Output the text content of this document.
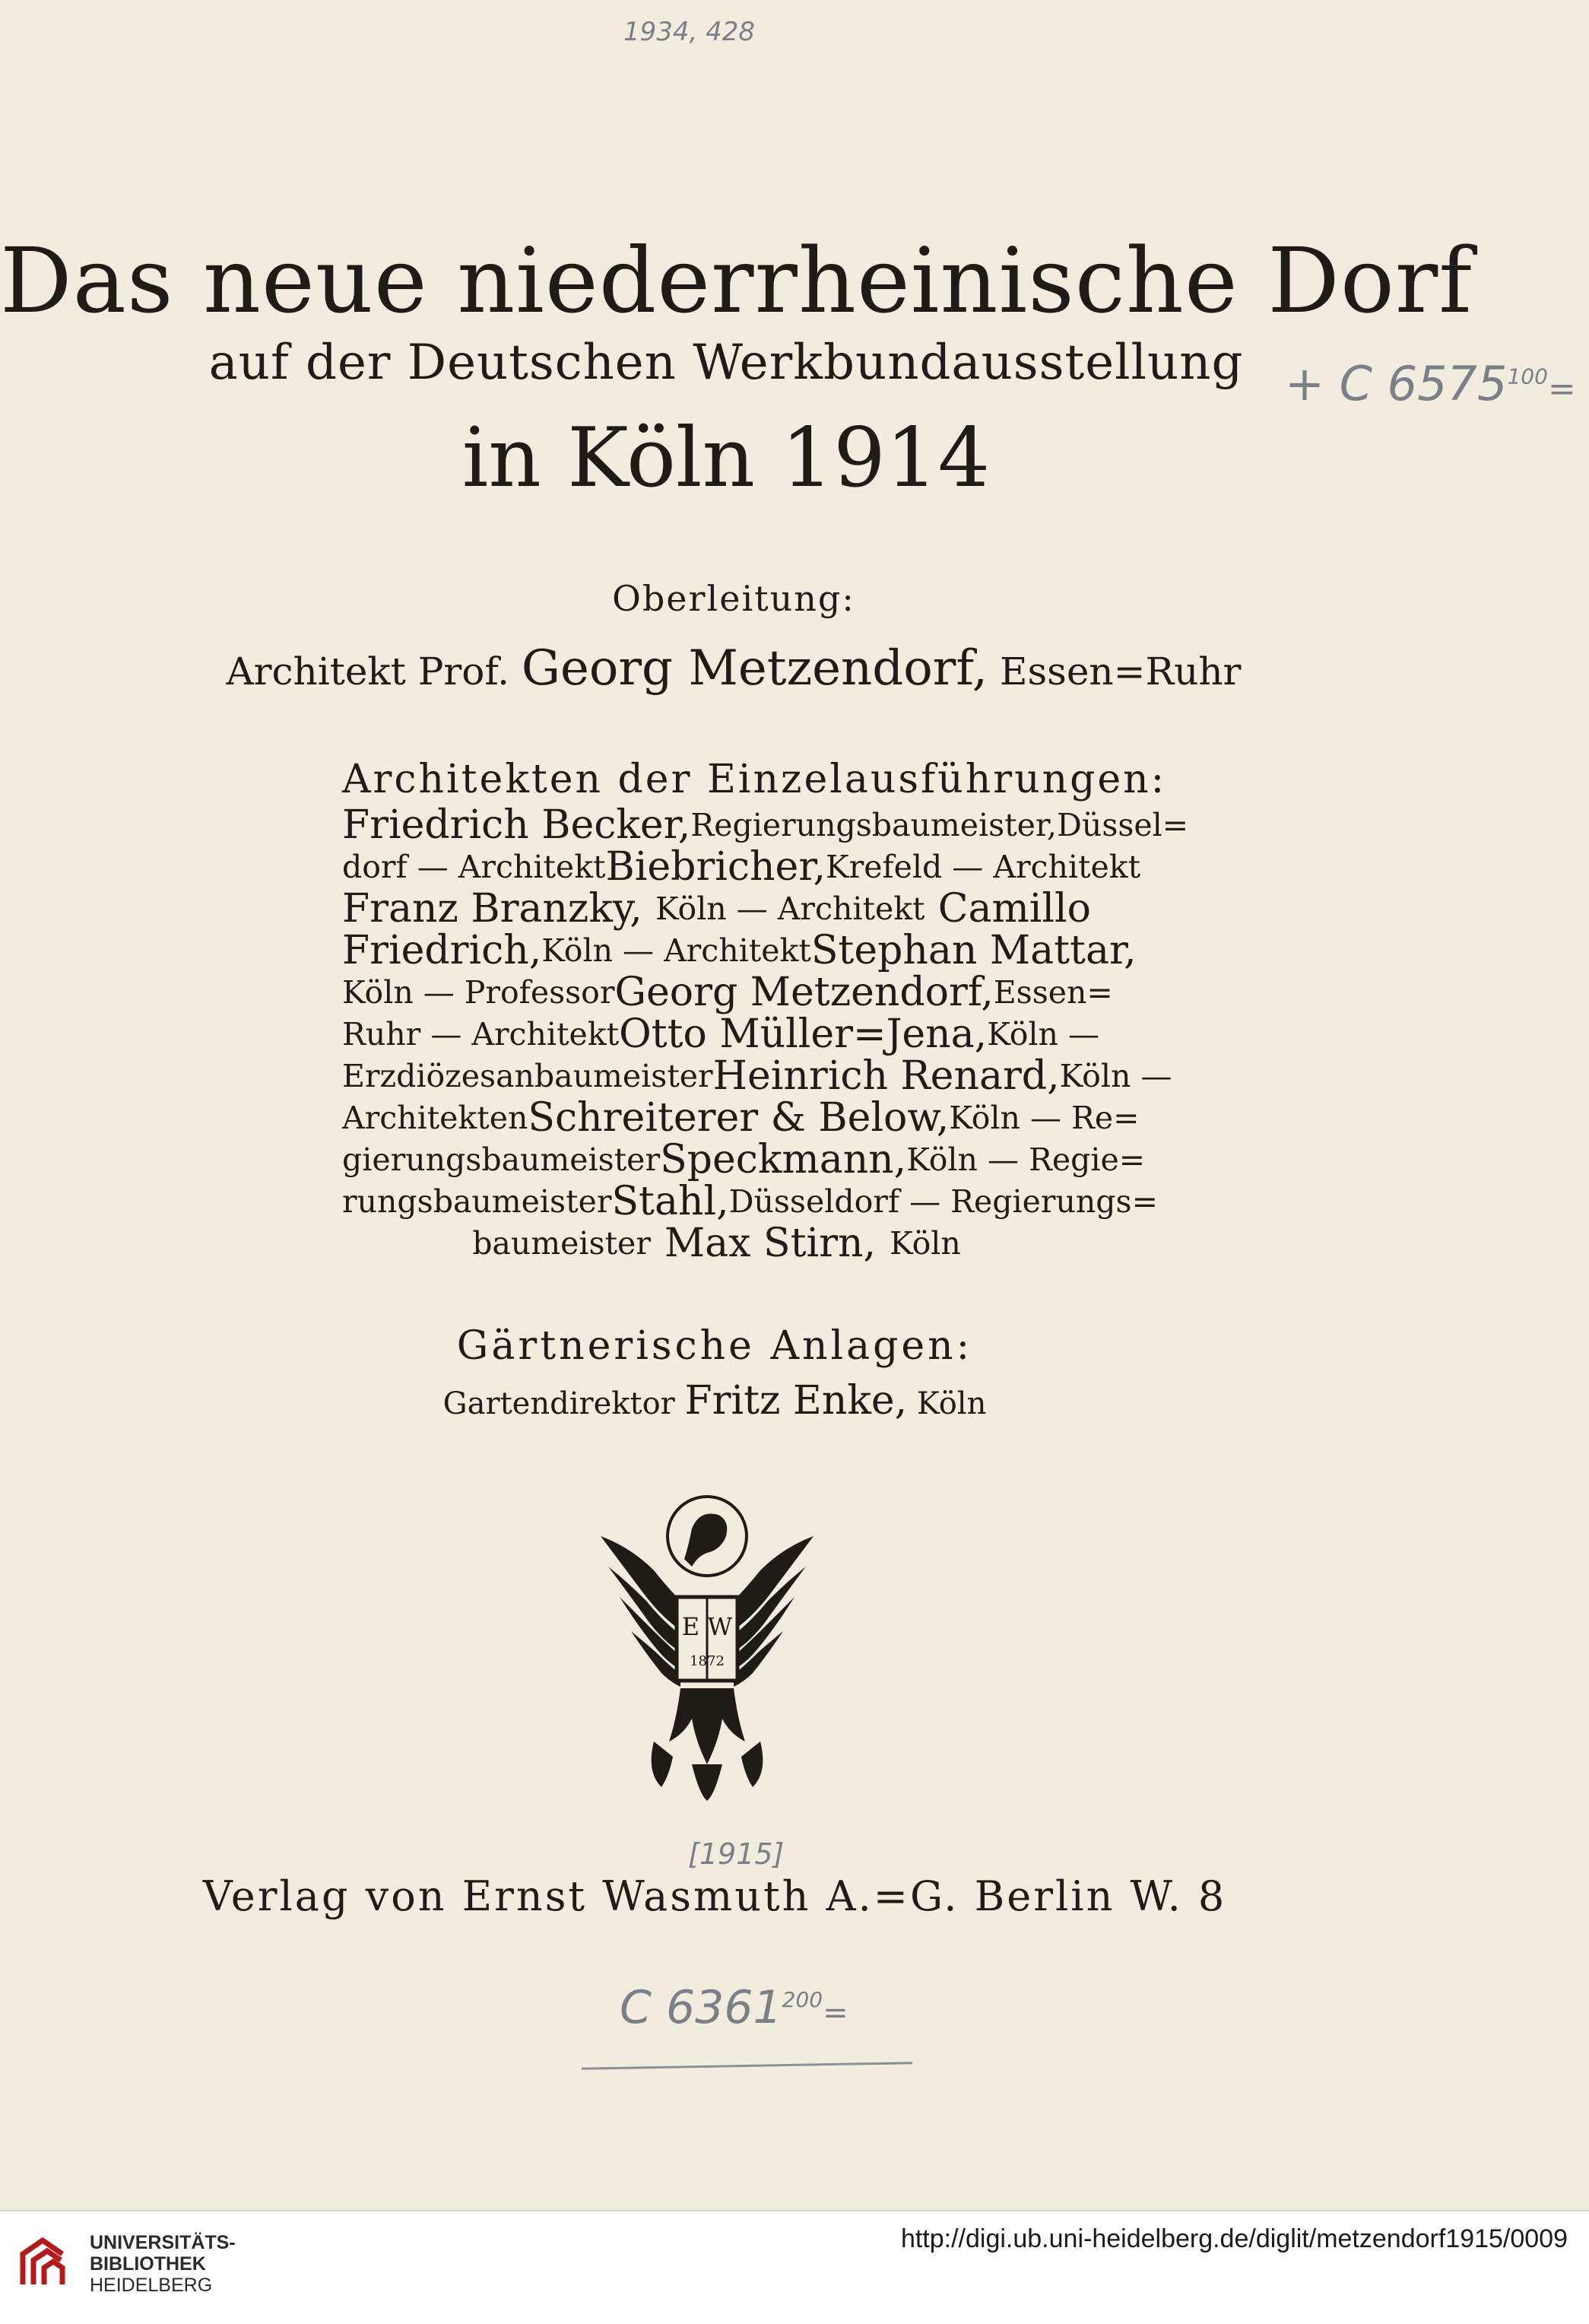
1934, 428
Das neue niederrheinische Dorf
auf der Deutschen Werkbundausstellung
in Köln 1914
+ C $6575^{100}=$
Oberleitung:
Architekt Prof. Georg Metzendorf, Essen=Ruhr
Architekten der Einzelausführungen:
Friedrich Becker, Regierungsbaumeister, Düssel=
dorf — Architekt Biebricher, Krefeld — Architekt
Franz Branzky, Köln — Architekt Camillo
Friedrich, Köln — Architekt Stephan Mattar,
Köln — Professor Georg Metzendorf, Essen=
Ruhr — Architekt Otto Müller=Jena, Köln —
Erzdiözesanbaumeister Heinrich Renard, Köln —
Architekten Schreiterer & Below, Köln — Re=
gierungsbaumeister Speckmann, Köln — Regie=
rungsbaumeister Stahl, Düsseldorf — Regierungs=
baumeister Max Stirn, Köln
Gärtnerische Anlagen:
Gartendirektor Fritz Enke, Köln
E W
1872
[1915]
Verlag von Ernst Wasmuth A.=G. Berlin W. 8
C $6361^{200}=$
UNIVERSITÄTS-
BIBLIOTHEK
HEIDELBERG
http://digi.ub.uni-heidelberg.de/diglit/metzendorf1915/0009
